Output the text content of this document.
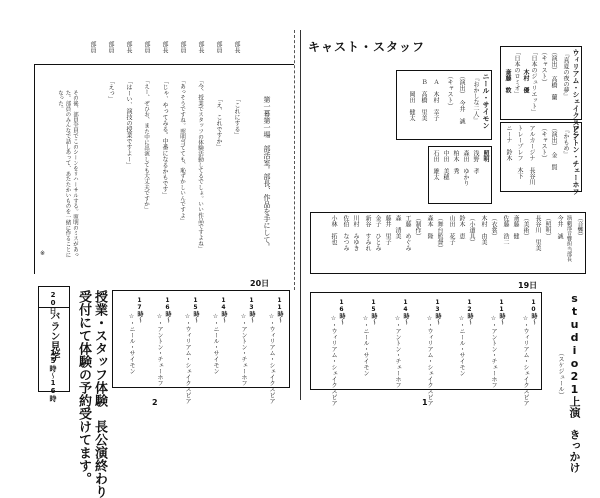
部長
部員
部長
部員
部長
部員
部長
部員
部員
第一幕第一場　部活室。部長、作品を手にして。
「これにする」
「え、これですか」
「今、授業でスタッフの体験活動してるでしょ。いい作品ですよね」
「あっそうですね。照明当てても、恥ずかしいんですよ」
「じゃ、やってみる。中番になるかもです」
「えー、ぜひお、また中に出演しても大丈夫ですか」
「はーい、演技の授業ですよー」
「えっ」
その後、部員全員でこのシーンをリハーサルする。照明のミスがあった。部員のみんなで話しあって、あたたかいものを一緒に作ることになった。
※
20日
バラン見学
15時〜16時	授業・スタッフ体験　長公演終わり
受付にて体験の予約受けてます。
20日
11時〜
☆・ウィリアム・シェイクスピア
13時〜
☆・アントン・チェーホフ
14時〜
☆・ニール・サイモン
15時〜
☆・ウィリアム・シェイクスピア
16時〜
☆・アントン・チェーホフ
17時〜
☆・ニール・サイモン
2
キャスト・スタッフ
ウィリアム・シェイクスピア
『真夏の夜の夢』
（演出）　高橋　蘭
（キャスト）
「日本のジュリエット」
　木村　優
「日本のロミオ」
　斎藤　敦
アントン・チェーホフ
『かもめ』
（演出）　金　賢
（キャスト）
アルカージナ　長谷川
トレープレフ　木下
ニーナ　鈴木
ニール・サイモン
『おかしな二人』
（演出）　今井　誠
（キャスト）
　Ａ　木村　幸子
　Ｂ　高橋　里美
　　　岡田　健太
照明
浅野　孝
森田　ゆかり
柏木　秀
中田　美穂
石田　雄太
（音響）
演劇部音響担当部長
今井　誠
（照明）
長谷川　里美
（美術）
斎藤　健
佐藤　浩二
（衣裳）
木村　由美
（小道具）
鈴木　恵
山田　花子
（舞台監督）
森本　隆
（制作）
工藤　めぐみ
森　清美
藤井　里子
金子　ひとみ
新谷　すみれ
川村　みゆき
佐伯　なつみ
小林　拓也
studio21上演　きっかけ
（スケジュール）
19日
10時〜
☆・ウィリアム・シェイクスピア
11時〜
☆・アントン・チェーホフ
12時〜
☆・ニール・サイモン
13時〜
☆・ウィリアム・シェイクスピア
14時〜
☆・アントン・チェーホフ
15時〜
☆・ニール・サイモン
16時〜
☆・ウィリアム・シェイクスピア	1
